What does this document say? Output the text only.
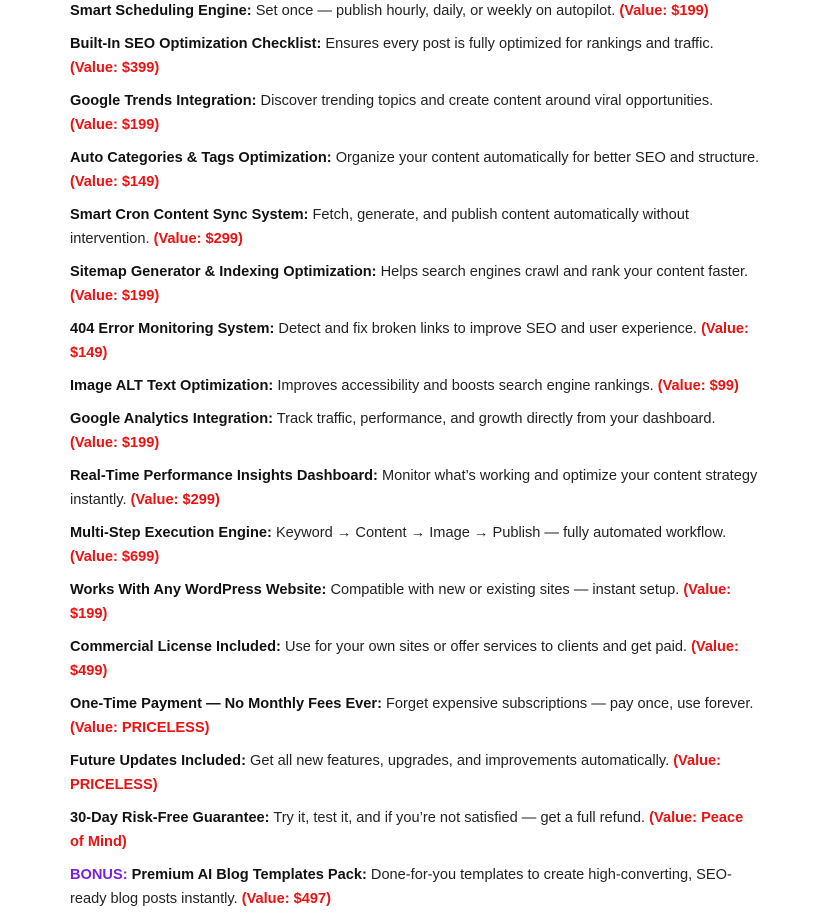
Smart Scheduling Engine: Set once — publish hourly, daily, or weekly on autopilot. (Value: $199)
Built-In SEO Optimization Checklist: Ensures every post is fully optimized for rankings and traffic. (Value: $399)
Google Trends Integration: Discover trending topics and create content around viral opportunities. (Value: $199)
Auto Categories & Tags Optimization: Organize your content automatically for better SEO and structure. (Value: $149)
Smart Cron Content Sync System: Fetch, generate, and publish content automatically without intervention. (Value: $299)
Sitemap Generator & Indexing Optimization: Helps search engines crawl and rank your content faster. (Value: $199)
404 Error Monitoring System: Detect and fix broken links to improve SEO and user experience. (Value: $149)
Image ALT Text Optimization: Improves accessibility and boosts search engine rankings. (Value: $99)
Google Analytics Integration: Track traffic, performance, and growth directly from your dashboard. (Value: $199)
Real-Time Performance Insights Dashboard: Monitor what’s working and optimize your content strategy instantly. (Value: $299)
Multi-Step Execution Engine: Keyword → Content → Image → Publish — fully automated workflow. (Value: $699)
Works With Any WordPress Website: Compatible with new or existing sites — instant setup. (Value: $199)
Commercial License Included: Use for your own sites or offer services to clients and get paid. (Value: $499)
One-Time Payment — No Monthly Fees Ever: Forget expensive subscriptions — pay once, use forever. (Value: PRICELESS)
Future Updates Included: Get all new features, upgrades, and improvements automatically. (Value: PRICELESS)
30-Day Risk-Free Guarantee: Try it, test it, and if you’re not satisfied — get a full refund. (Value: Peace of Mind)
BONUS: Premium AI Blog Templates Pack: Done-for-you templates to create high-converting, SEO-ready blog posts instantly. (Value: $497)
